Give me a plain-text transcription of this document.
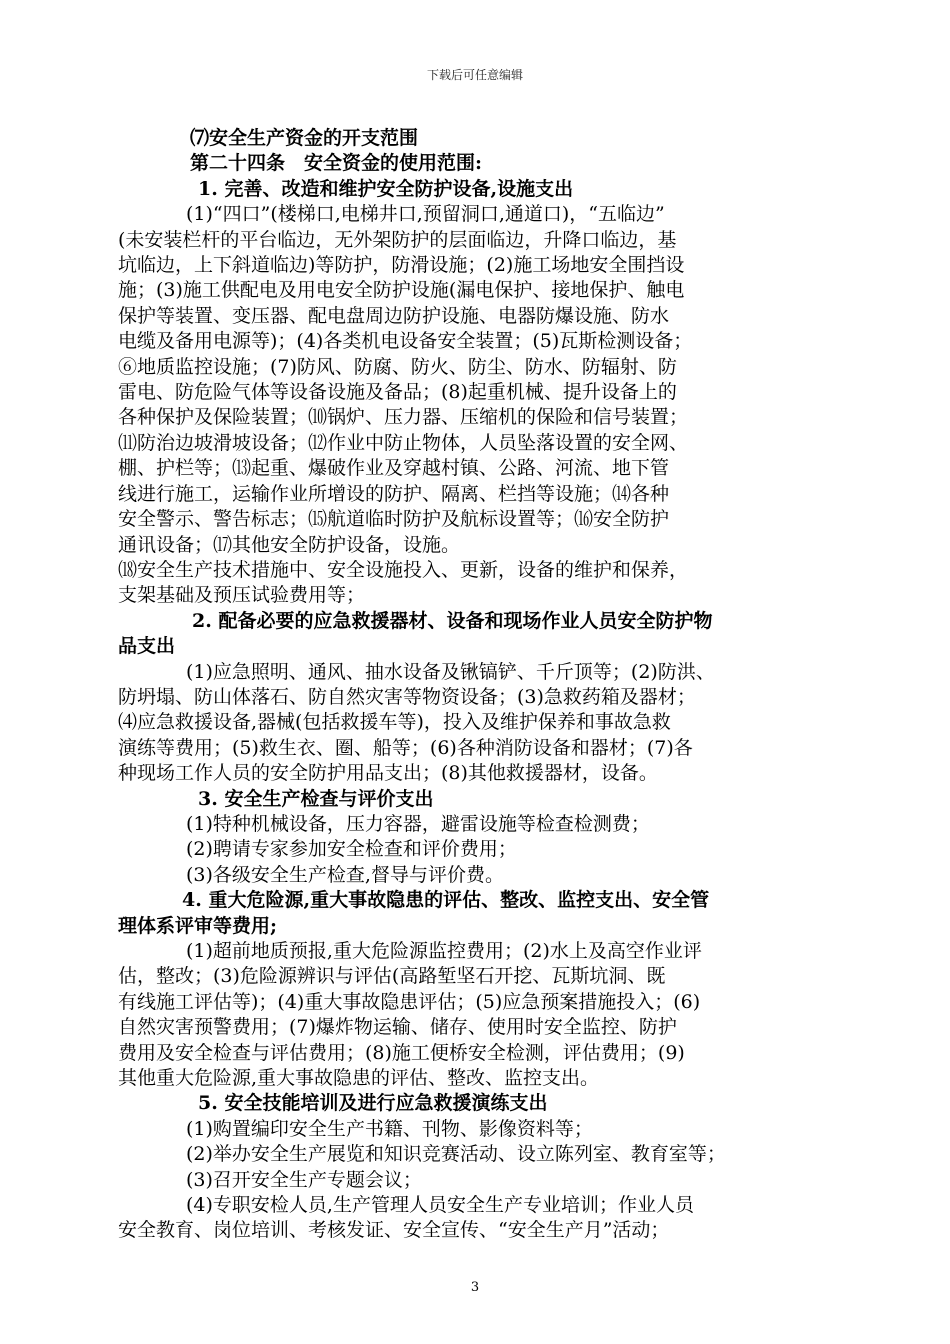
下载后可任意编辑
⑺安全生产资金的开支范围
第二十四条　安全资金的使用范围:
1. 完善、改造和维护安全防护设备,设施支出
(1)“四口”(楼梯口,电梯井口,预留洞口,通道口)，“五临边”
(未安装栏杆的平台临边，无外架防护的层面临边，升降口临边，基
坑临边，上下斜道临边)等防护，防滑设施；(2)施工场地安全围挡设
施；(3)施工供配电及用电安全防护设施(漏电保护、接地保护、触电
保护等装置、变压器、配电盘周边防护设施、电器防爆设施、防水
电缆及备用电源等)；(4)各类机电设备安全装置；(5)瓦斯检测设备；
⑥地质监控设施；(7)防风、防腐、防火、防尘、防水、防辐射、防
雷电、防危险气体等设备设施及备品；(8)起重机械、提升设备上的
各种保护及保险装置；⑽锅炉、压力器、压缩机的保险和信号装置；
⑾防治边坡滑坡设备；⑿作业中防止物体，人员坠落设置的安全网、
棚、护栏等；⒀起重、爆破作业及穿越村镇、公路、河流、地下管
线进行施工，运输作业所增设的防护、隔离、栏挡等设施；⒁各种
安全警示、警告标志；⒂航道临时防护及航标设置等；⒃安全防护
通讯设备；⒄其他安全防护设备，设施。
⒅安全生产技术措施中、安全设施投入、更新，设备的维护和保养，
支架基础及预压试验费用等；
2. 配备必要的应急救援器材、设备和现场作业人员安全防护物
品支出
(1)应急照明、通风、抽水设备及锹镐铲、千斤顶等；(2)防洪、
防坍塌、防山体落石、防自然灾害等物资设备；(3)急救药箱及器材；
⑷应急救援设备,器械(包括救援车等)，投入及维护保养和事故急救
演练等费用；(5)救生衣、圈、船等；(6)各种消防设备和器材；(7)各
种现场工作人员的安全防护用品支出；(8)其他救援器材，设备。
3. 安全生产检查与评价支出
(1)特种机械设备，压力容器，避雷设施等检查检测费；
(2)聘请专家参加安全检查和评价费用；
(3)各级安全生产检查,督导与评价费。
4. 重大危险源,重大事故隐患的评估、整改、监控支出、安全管
理体系评审等费用;
(1)超前地质预报,重大危险源监控费用；(2)水上及高空作业评
估，整改；(3)危险源辨识与评估(高路堑坚石开挖、瓦斯坑洞、既
有线施工评估等)；(4)重大事故隐患评估；(5)应急预案措施投入；(6)
自然灾害预警费用；(7)爆炸物运输、储存、使用时安全监控、防护
费用及安全检查与评估费用；(8)施工便桥安全检测，评估费用；(9)
其他重大危险源,重大事故隐患的评估、整改、监控支出。
5. 安全技能培训及进行应急救援演练支出
(1)购置编印安全生产书籍、刊物、影像资料等；
(2)举办安全生产展览和知识竞赛活动、设立陈列室、教育室等；
(3)召开安全生产专题会议；
(4)专职安检人员,生产管理人员安全生产专业培训；作业人员
安全教育、岗位培训、考核发证、安全宣传、“安全生产月”活动；
3
